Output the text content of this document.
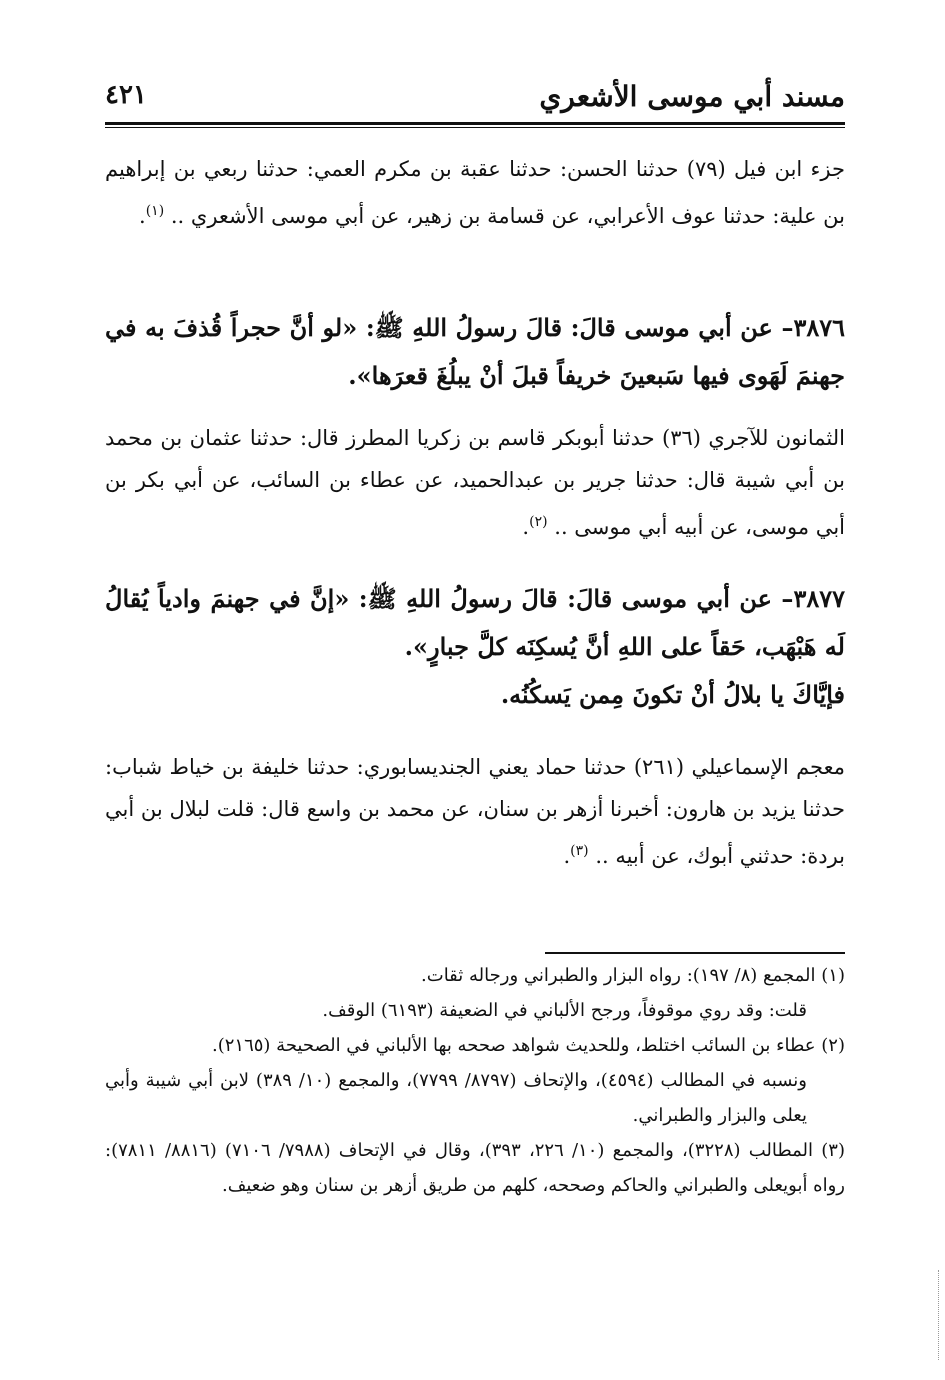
مسند أبي موسى الأشعري
٤٢١

جزء ابن فيل (٧٩) حدثنا الحسن: حدثنا عقبة بن مكرم العمي: حدثنا ربعي بن إبراهيم بن علية: حدثنا عوف الأعرابي، عن قسامة بن زهير، عن أبي موسى الأشعري .. $^{(١)}$.

٣٨٧٦– عن أبي موسى قالَ: قالَ رسولُ اللهِ ﷺ: «لو أنَّ حجراً قُذفَ به في جهنمَ لَهَوى فيها سَبعينَ خريفاً قبلَ أنْ يبلُغَ قعرَها».

الثمانون للآجري (٣٦) حدثنا أبوبكر قاسم بن زكريا المطرز قال: حدثنا عثمان بن محمد بن أبي شيبة قال: حدثنا جرير بن عبدالحميد، عن عطاء بن السائب، عن أبي بكر بن أبي موسى، عن أبيه أبي موسى .. $^{(٢)}$.

٣٨٧٧– عن أبي موسى قالَ: قالَ رسولُ اللهِ ﷺ: «إنَّ في جهنمَ وادياً يُقالُ لَه هَبْهَب، حَقاً على اللهِ أنَّ يُسكِنَه كلَّ جبارٍ».

فإيَّاكَ يا بلالُ أنْ تكونَ مِمن يَسكُنُه.

معجم الإسماعيلي (٢٦١) حدثنا حماد يعني الجنديسابوري: حدثنا خليفة بن خياط شباب: حدثنا يزيد بن هارون: أخبرنا أزهر بن سنان، عن محمد بن واسع قال: قلت لبلال بن أبي بردة: حدثني أبوك، عن أبيه .. $^{(٣)}$.

(١) المجمع (٨/ ١٩٧): رواه البزار والطبراني ورجاله ثقات.

قلت: وقد روي موقوفاً، ورجح الألباني في الضعيفة (٦١٩٣) الوقف.

(٢) عطاء بن السائب اختلط، وللحديث شواهد صححه بها الألباني في الصحيحة (٢١٦٥).

ونسبه في المطالب (٤٥٩٤)، والإتحاف (٨٧٩٧/ ٧٧٩٩)، والمجمع (١٠/ ٣٨٩) لابن أبي شيبة وأبي يعلى والبزار والطبراني.

(٣) المطالب (٣٢٢٨)، والمجمع (١٠/ ٢٢٦، ٣٩٣)، وقال في الإتحاف (٧٩٨٨/ ٧١٠٦) (٨٨١٦/ ٧٨١١): رواه أبويعلى والطبراني والحاكم وصححه، كلهم من طريق أزهر بن سنان وهو ضعيف.
